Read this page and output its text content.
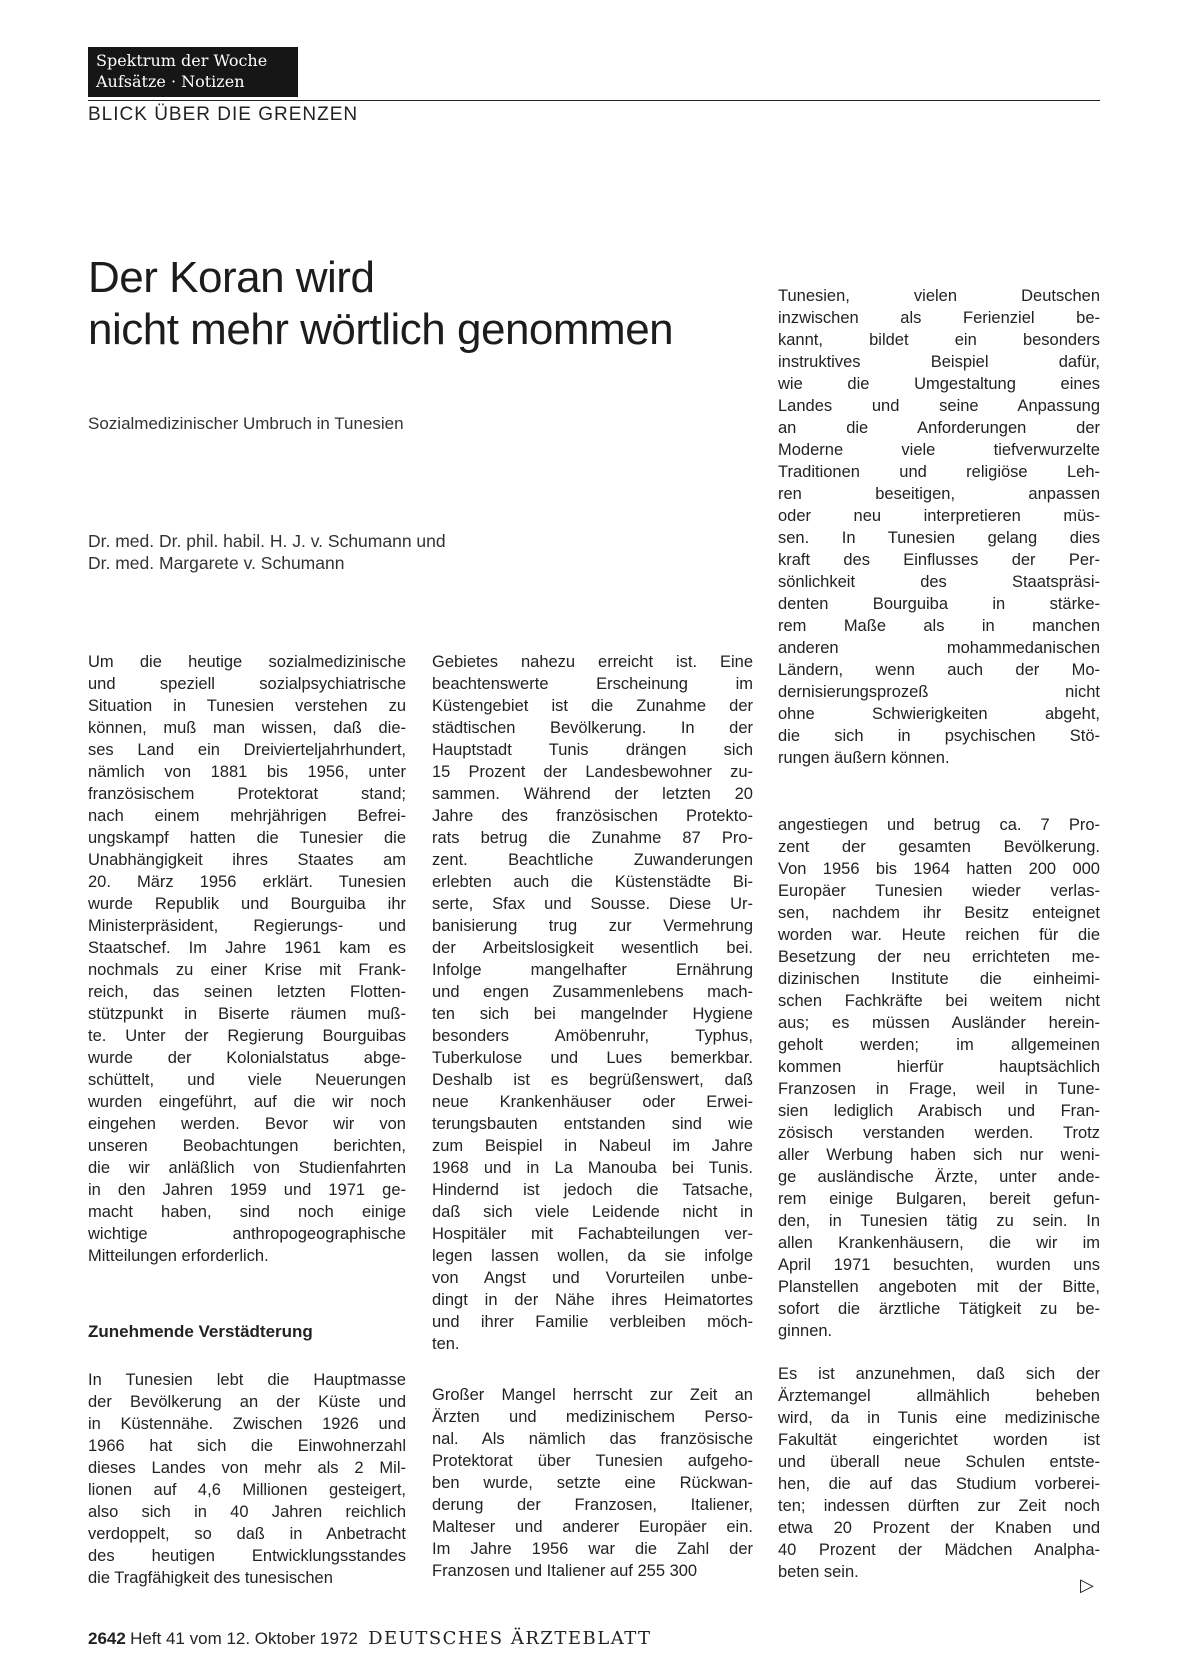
Spektrum der Woche
Aufsätze · Notizen
BLICK ÜBER DIE GRENZEN
Der Koran wird
nicht mehr wörtlich genommen
Sozialmedizinischer Umbruch in Tunesien
Dr. med. Dr. phil. habil. H. J. v. Schumann und
Dr. med. Margarete v. Schumann
Um die heutige sozialmedizinische
und speziell sozialpsychiatrische
Situation in Tunesien verstehen zu
können, muß man wissen, daß die-
ses Land ein Dreivierteljahrhundert,
nämlich von 1881 bis 1956, unter
französischem Protektorat stand;
nach einem mehrjährigen Befrei-
ungskampf hatten die Tunesier die
Unabhängigkeit ihres Staates am
20. März 1956 erklärt. Tunesien
wurde Republik und Bourguiba ihr
Ministerpräsident, Regierungs- und
Staatschef. Im Jahre 1961 kam es
nochmals zu einer Krise mit Frank-
reich, das seinen letzten Flotten-
stützpunkt in Biserte räumen muß-
te. Unter der Regierung Bourguibas
wurde der Kolonialstatus abge-
schüttelt, und viele Neuerungen
wurden eingeführt, auf die wir noch
eingehen werden. Bevor wir von
unseren Beobachtungen berichten,
die wir anläßlich von Studienfahrten
in den Jahren 1959 und 1971 ge-
macht haben, sind noch einige
wichtige anthropogeographische
Mitteilungen erforderlich.
Zunehmende Verstädterung
In Tunesien lebt die Hauptmasse
der Bevölkerung an der Küste und
in Küstennähe. Zwischen 1926 und
1966 hat sich die Einwohnerzahl
dieses Landes von mehr als 2 Mil-
lionen auf 4,6 Millionen gesteigert,
also sich in 40 Jahren reichlich
verdoppelt, so daß in Anbetracht
des heutigen Entwicklungsstandes
die Tragfähigkeit des tunesischen
Gebietes nahezu erreicht ist. Eine
beachtenswerte Erscheinung im
Küstengebiet ist die Zunahme der
städtischen Bevölkerung. In der
Hauptstadt Tunis drängen sich
15 Prozent der Landesbewohner zu-
sammen. Während der letzten 20
Jahre des französischen Protekto-
rats betrug die Zunahme 87 Pro-
zent. Beachtliche Zuwanderungen
erlebten auch die Küstenstädte Bi-
serte, Sfax und Sousse. Diese Ur-
banisierung trug zur Vermehrung
der Arbeitslosigkeit wesentlich bei.
Infolge mangelhafter Ernährung
und engen Zusammenlebens mach-
ten sich bei mangelnder Hygiene
besonders Amöbenruhr, Typhus,
Tuberkulose und Lues bemerkbar.
Deshalb ist es begrüßenswert, daß
neue Krankenhäuser oder Erwei-
terungsbauten entstanden sind wie
zum Beispiel in Nabeul im Jahre
1968 und in La Manouba bei Tunis.
Hindernd ist jedoch die Tatsache,
daß sich viele Leidende nicht in
Hospitäler mit Fachabteilungen ver-
legen lassen wollen, da sie infolge
von Angst und Vorurteilen unbe-
dingt in der Nähe ihres Heimatortes
und ihrer Familie verbleiben möch-
ten.
Großer Mangel herrscht zur Zeit an
Ärzten und medizinischem Perso-
nal. Als nämlich das französische
Protektorat über Tunesien aufgeho-
ben wurde, setzte eine Rückwan-
derung der Franzosen, Italiener,
Malteser und anderer Europäer ein.
Im Jahre 1956 war die Zahl der
Franzosen und Italiener auf 255 300
Tunesien, vielen Deutschen
inzwischen als Ferienziel be-
kannt, bildet ein besonders
instruktives Beispiel dafür,
wie die Umgestaltung eines
Landes und seine Anpassung
an die Anforderungen der
Moderne viele tiefverwurzelte
Traditionen und religiöse Leh-
ren beseitigen, anpassen
oder neu interpretieren müs-
sen. In Tunesien gelang dies
kraft des Einflusses der Per-
sönlichkeit des Staatspräsi-
denten Bourguiba in stärke-
rem Maße als in manchen
anderen mohammedanischen
Ländern, wenn auch der Mo-
dernisierungsprozeß nicht
ohne Schwierigkeiten abgeht,
die sich in psychischen Stö-
rungen äußern können.
angestiegen und betrug ca. 7 Pro-
zent der gesamten Bevölkerung.
Von 1956 bis 1964 hatten 200 000
Europäer Tunesien wieder verlas-
sen, nachdem ihr Besitz enteignet
worden war. Heute reichen für die
Besetzung der neu errichteten me-
dizinischen Institute die einheimi-
schen Fachkräfte bei weitem nicht
aus; es müssen Ausländer herein-
geholt werden; im allgemeinen
kommen hierfür hauptsächlich
Franzosen in Frage, weil in Tune-
sien lediglich Arabisch und Fran-
zösisch verstanden werden. Trotz
aller Werbung haben sich nur weni-
ge ausländische Ärzte, unter ande-
rem einige Bulgaren, bereit gefun-
den, in Tunesien tätig zu sein. In
allen Krankenhäusern, die wir im
April 1971 besuchten, wurden uns
Planstellen angeboten mit der Bitte,
sofort die ärztliche Tätigkeit zu be-
ginnen.
Es ist anzunehmen, daß sich der
Ärztemangel allmählich beheben
wird, da in Tunis eine medizinische
Fakultät eingerichtet worden ist
und überall neue Schulen entste-
hen, die auf das Studium vorberei-
ten; indessen dürften zur Zeit noch
etwa 20 Prozent der Knaben und
40 Prozent der Mädchen Analpha-
beten sein.
▷
2642 Heft 41 vom 12. Oktober 1972 DEUTSCHES ÄRZTEBLATT
